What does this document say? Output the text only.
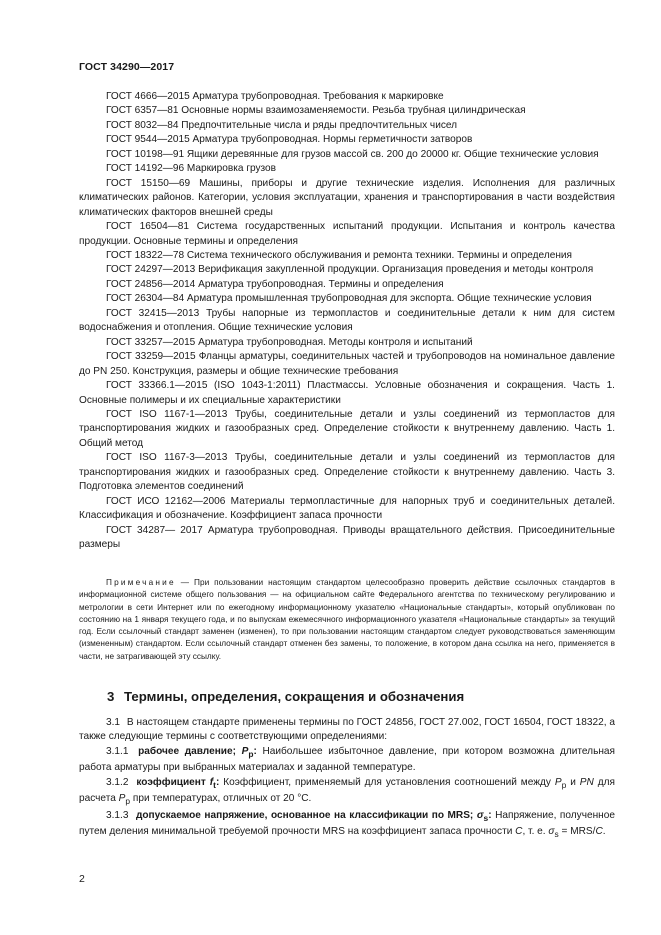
ГОСТ 34290—2017

ГОСТ 4666—2015 Арматура трубопроводная. Требования к маркировке

ГОСТ 6357—81 Основные нормы взаимозаменяемости. Резьба трубная цилиндрическая

ГОСТ 8032—84 Предпочтительные числа и ряды предпочтительных чисел

ГОСТ 9544—2015 Арматура трубопроводная. Нормы герметичности затворов

ГОСТ 10198—91 Ящики деревянные для грузов массой св. 200 до 20000 кг. Общие технические условия

ГОСТ 14192—96 Маркировка грузов

ГОСТ 15150—69 Машины, приборы и другие технические изделия. Исполнения для различных климатических районов. Категории, условия эксплуатации, хранения и транспортирования в части воздействия климатических факторов внешней среды

ГОСТ 16504—81 Система государственных испытаний продукции. Испытания и контроль качества продукции. Основные термины и определения

ГОСТ 18322—78 Система технического обслуживания и ремонта техники. Термины и определения

ГОСТ 24297—2013 Верификация закупленной продукции. Организация проведения и методы контроля

ГОСТ 24856—2014 Арматура трубопроводная. Термины и определения

ГОСТ 26304—84 Арматура промышленная трубопроводная для экспорта. Общие технические условия

ГОСТ 32415—2013 Трубы напорные из термопластов и соединительные детали к ним для систем водоснабжения и отопления. Общие технические условия

ГОСТ 33257—2015 Арматура трубопроводная. Методы контроля и испытаний

ГОСТ 33259—2015 Фланцы арматуры, соединительных частей и трубопроводов на номинальное давление до PN 250. Конструкция, размеры и общие технические требования

ГОСТ 33366.1—2015 (ISO 1043-1:2011) Пластмассы. Условные обозначения и сокращения. Часть 1. Основные полимеры и их специальные характеристики

ГОСТ ISO 1167-1—2013 Трубы, соединительные детали и узлы соединений из термопластов для транспортирования жидких и газообразных сред. Определение стойкости к внутреннему давлению. Часть 1. Общий метод

ГОСТ ISO 1167-3—2013 Трубы, соединительные детали и узлы соединений из термопластов для транспортирования жидких и газообразных сред. Определение стойкости к внутреннему давлению. Часть 3. Подготовка элементов соединений

ГОСТ ИСО 12162—2006 Материалы термопластичные для напорных труб и соединительных деталей. Классификация и обозначение. Коэффициент запаса прочности

ГОСТ 34287— 2017 Арматура трубопроводная. Приводы вращательного действия. Присоединительные размеры

Примечание — При пользовании настоящим стандартом целесообразно проверить действие ссылочных стандартов в информационной системе общего пользования — на официальном сайте Федерального агентства по техническому регулированию и метрологии в сети Интернет или по ежегодному информационному указателю «Национальные стандарты», который опубликован по состоянию на 1 января текущего года, и по выпускам ежемесячного информационного указателя «Национальные стандарты» за текущий год. Если ссылочный стандарт заменен (изменен), то при пользовании настоящим стандартом следует руководствоваться заменяющим (измененным) стандартом. Если ссылочный стандарт отменен без замены, то положение, в котором дана ссылка на него, применяется в части, не затрагивающей эту ссылку.

3 Термины, определения, сокращения и обозначения

3.1 В настоящем стандарте применены термины по ГОСТ 24856, ГОСТ 27.002, ГОСТ 16504, ГОСТ 18322, а также следующие термины с соответствующими определениями:

3.1.1 рабочее давление; $P_р$: Наибольшее избыточное давление, при котором возможна длительная работа арматуры при выбранных материалах и заданной температуре.

3.1.2 коэффициент $f_t$: Коэффициент, применяемый для установления соотношений между $P_р$ и PN для расчета $P_р$ при температурах, отличных от 20 °C.

3.1.3 допускаемое напряжение, основанное на классификации по MRS; $\sigma_s$: Напряжение, полученное путем деления минимальной требуемой прочности MRS на коэффициент запаса прочности C, т. е. $\sigma_s = MRS/C$.

2
